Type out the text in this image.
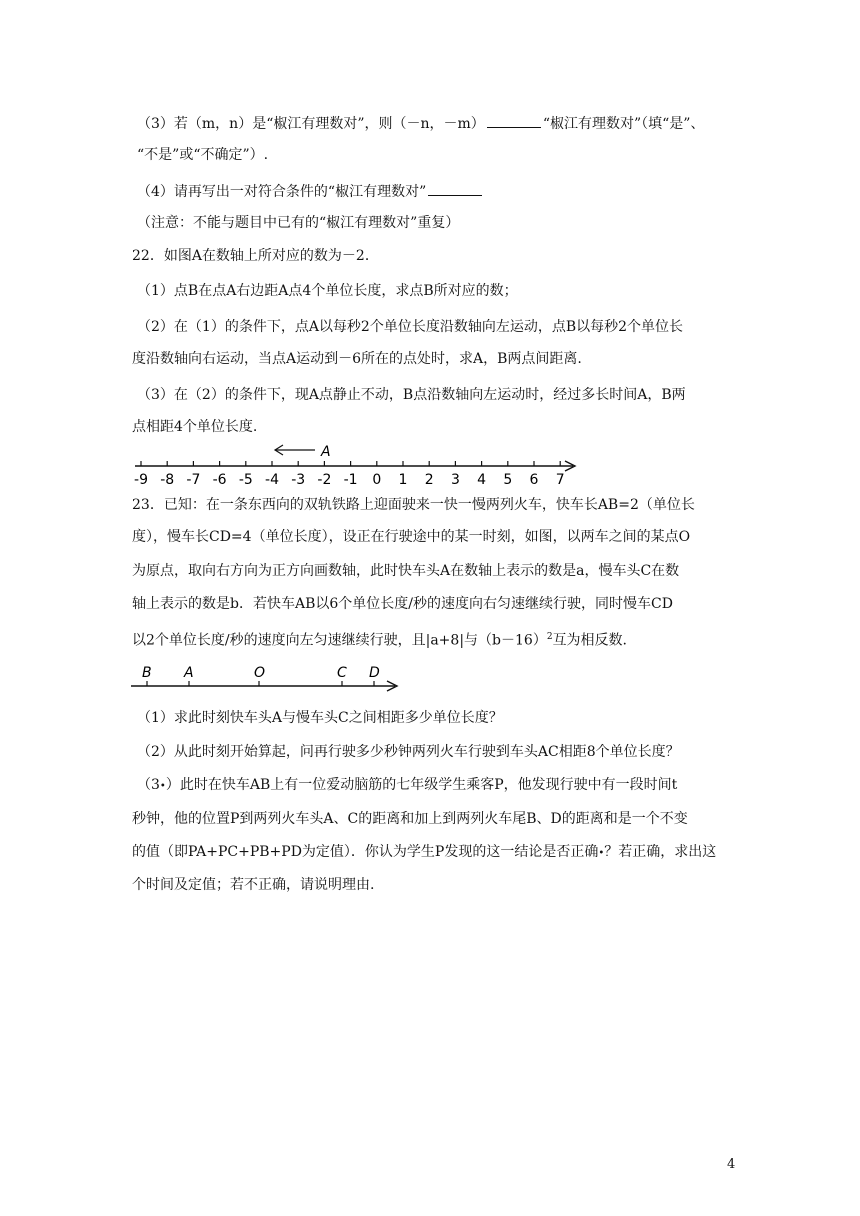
（3）若（m，n）是“椒江有理数对”，则（－n，－m）	“椒江有理数对”（填“是”、
“不是”或“不确定”）.
（4）请再写出一对符合条件的“椒江有理数对”
（注意：不能与题目中已有的“椒江有理数对”重复）
22．如图A在数轴上所对应的数为－2．
（1）点B在点A右边距A点4个单位长度，求点B所对应的数；
（2）在（1）的条件下，点A以每秒2个单位长度沿数轴向左运动，点B以每秒2个单位长
度沿数轴向右运动，当点A运动到－6所在的点处时，求A，B两点间距离.
（3）在（2）的条件下，现A点静止不动，B点沿数轴向左运动时，经过多长时间A，B两
点相距4个单位长度.
A
-9 -8 -7 -6 -5 -4 -3 -2 -1 0 1 2 3 4 5 6 7
23．已知：在一条东西向的双轨铁路上迎面驶来一快一慢两列火车，快车长AB=2（单位长
度），慢车长CD=4（单位长度），设正在行驶途中的某一时刻，如图，以两车之间的某点O
为原点，取向右方向为正方向画数轴，此时快车头A在数轴上表示的数是a，慢车头C在数
轴上表示的数是b．若快车AB以6个单位长度/秒的速度向右匀速继续行驶，同时慢车CD
以2个单位长度/秒的速度向左匀速继续行驶，且|a+8|与$(b-16)^2$互为相反数.
B A	O	C D
（1）求此时刻快车头A与慢车头C之间相距多少单位长度？
（2）从此时刻开始算起，问再行驶多少秒钟两列火车行驶到车头AC相距8个单位长度？
（3•）此时在快车AB上有一位爱动脑筋的七年级学生乘客P，他发现行驶中有一段时间t
秒钟，他的位置P到两列火车头A、C的距离和加上到两列火车尾B、D的距离和是一个不变
的值（即PA+PC+PB+PD为定值）．你认为学生P发现的这一结论是否正确•？若正确，求出这
个时间及定值；若不正确，请说明理由.
4
